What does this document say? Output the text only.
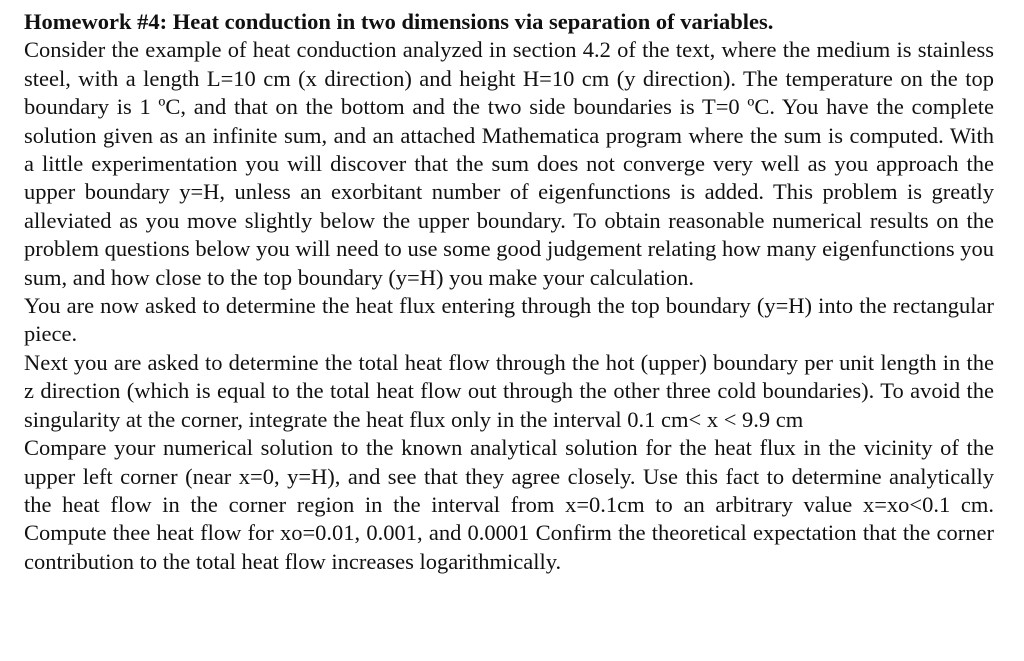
Homework #4: Heat conduction in two dimensions via separation of variables.

Consider the example of heat conduction analyzed in section 4.2 of the text, where the medium is stainless steel, with a length L=10 cm (x direction) and height H=10 cm (y direction). The temperature on the top boundary is 1 ºC, and that on the bottom and the two side boundaries is T=0 ºC. You have the complete solution given as an infinite sum, and an attached Mathematica program where the sum is computed. With a little experimentation you will discover that the sum does not converge very well as you approach the upper boundary y=H, unless an exorbitant number of eigenfunctions is added. This problem is greatly alleviated as you move slightly below the upper boundary. To obtain reasonable numerical results on the problem questions below you will need to use some good judgement relating how many eigenfunctions you sum, and how close to the top boundary (y=H) you make your calculation.

You are now asked to determine the heat flux entering through the top boundary (y=H) into the rectangular piece.

Next you are asked to determine the total heat flow through the hot (upper) boundary per unit length in the z direction (which is equal to the total heat flow out through the other three cold boundaries). To avoid the singularity at the corner, integrate the heat flux only in the interval 0.1 cm< x < 9.9 cm

Compare your numerical solution to the known analytical solution for the heat flux in the vicinity of the upper left corner (near x=0, y=H), and see that they agree closely. Use this fact to determine analytically the heat flow in the corner region in the interval from x=0.1cm to an arbitrary value x=xo<0.1 cm. Compute thee heat flow for xo=0.01, 0.001, and 0.0001 Confirm the theoretical expectation that the corner contribution to the total heat flow increases logarithmically.
